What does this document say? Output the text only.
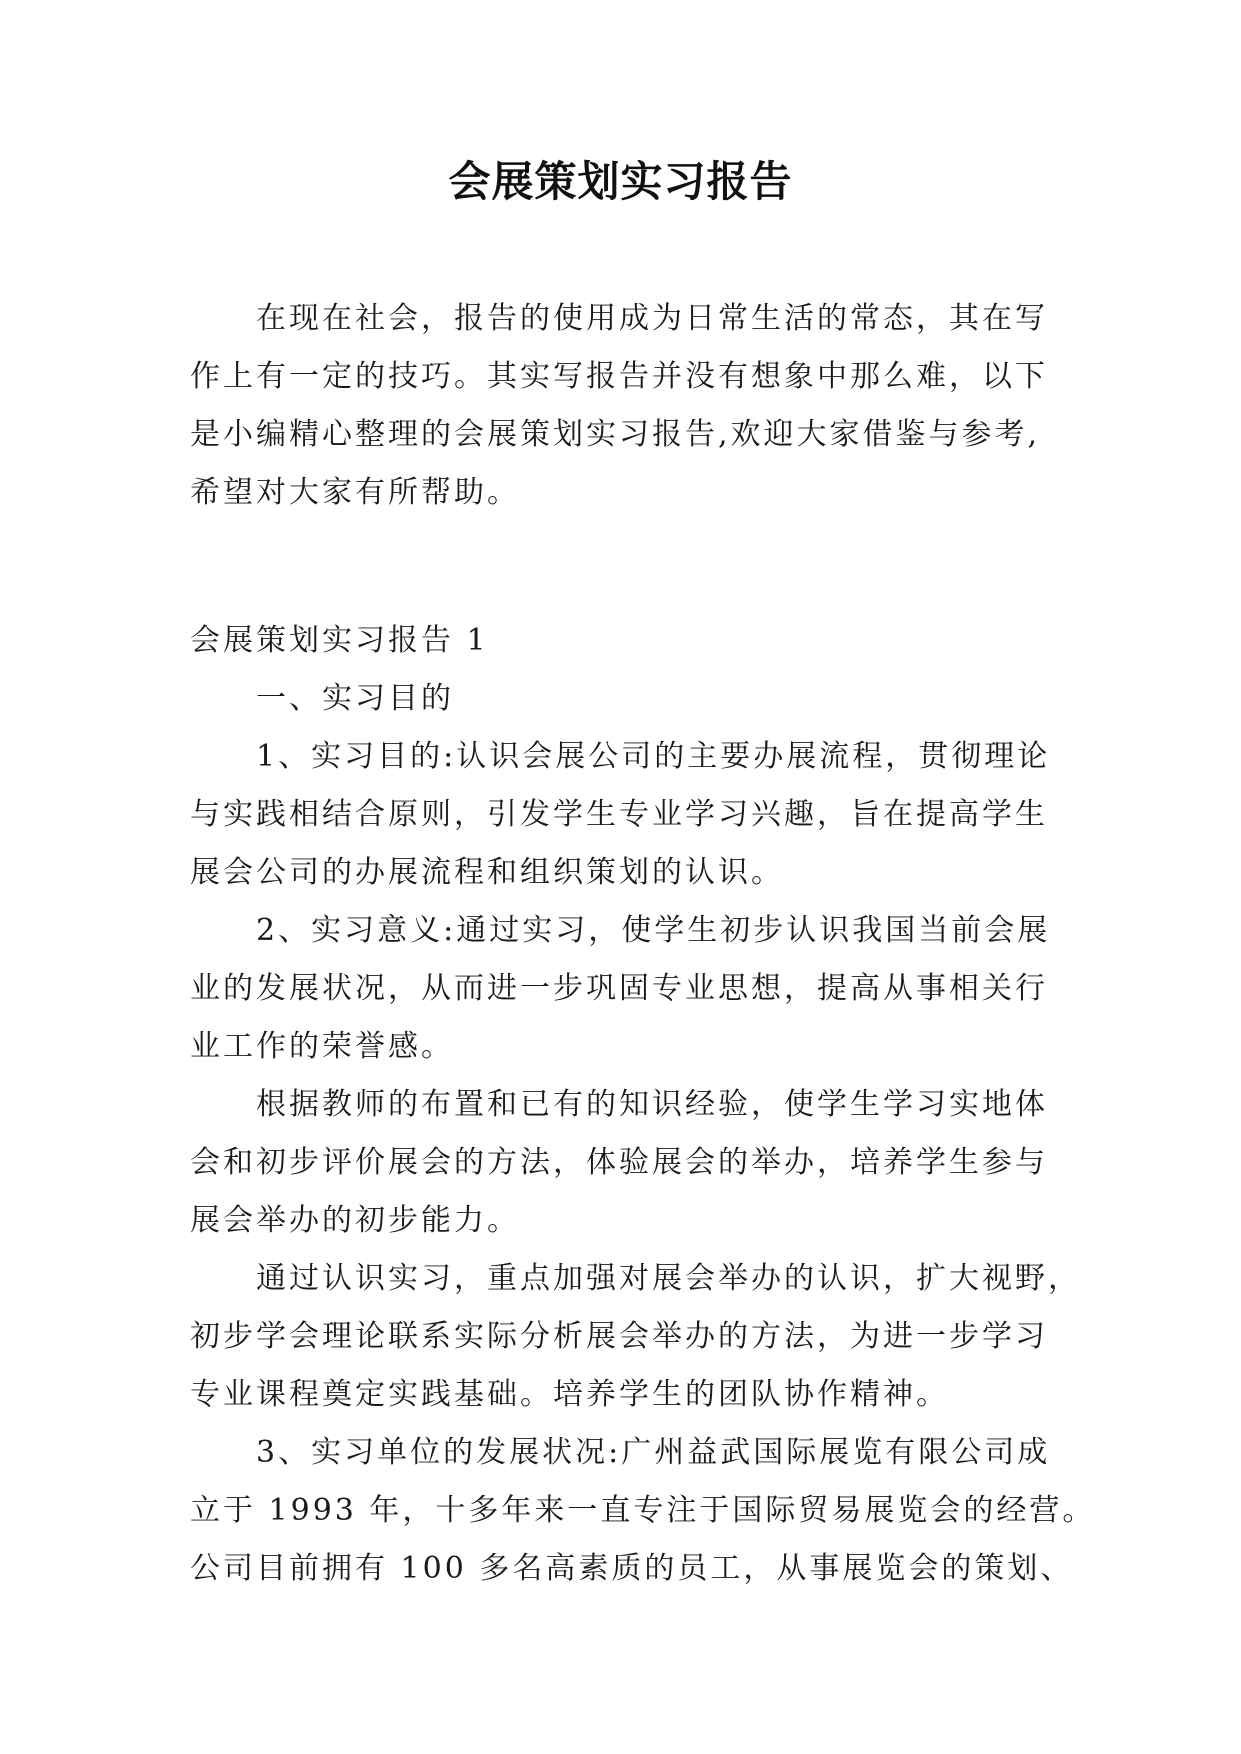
会展策划实习报告
在现在社会，报告的使用成为日常生活的常态，其在写
作上有一定的技巧。其实写报告并没有想象中那么难，以下
是小编精心整理的会展策划实习报告,欢迎大家借鉴与参考,
希望对大家有所帮助。
会展策划实习报告 1
一、实习目的
1、实习目的:认识会展公司的主要办展流程，贯彻理论
与实践相结合原则，引发学生专业学习兴趣，旨在提高学生
展会公司的办展流程和组织策划的认识。
2、实习意义:通过实习，使学生初步认识我国当前会展
业的发展状况，从而进一步巩固专业思想，提高从事相关行
业工作的荣誉感。
根据教师的布置和已有的知识经验，使学生学习实地体
会和初步评价展会的方法，体验展会的举办，培养学生参与
展会举办的初步能力。
通过认识实习，重点加强对展会举办的认识，扩大视野，
初步学会理论联系实际分析展会举办的方法，为进一步学习
专业课程奠定实践基础。培养学生的团队协作精神。
3、实习单位的发展状况:广州益武国际展览有限公司成
立于 1993 年，十多年来一直专注于国际贸易展览会的经营。
公司目前拥有 100 多名高素质的员工，从事展览会的策划、
